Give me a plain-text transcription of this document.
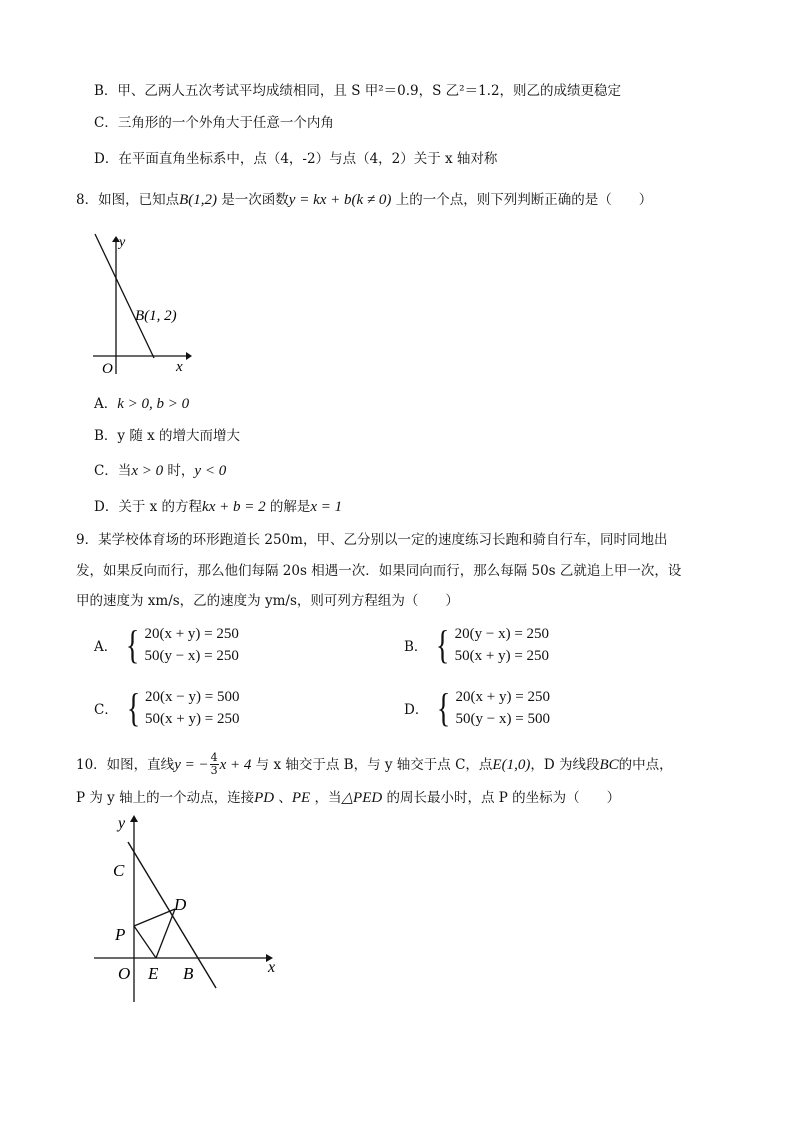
B．甲、乙两人五次考试平均成绩相同，且 S 甲²＝0.9，S 乙²＝1.2，则乙的成绩更稳定
C．三角形的一个外角大于任意一个内角
D．在平面直角坐标系中，点（4，-2）与点（4，2）关于 x 轴对称
8．如图，已知点B(1,2) 是一次函数y = kx + b(k ≠ 0) 上的一个点，则下列判断正确的是（　　）
y
x
O
B(1, 2)
A．k > 0, b > 0
B．y 随 x 的增大而增大
C．当x > 0 时，y < 0
D．关于 x 的方程kx + b = 2 的解是x = 1
9．某学校体育场的环形跑道长 250m，甲、乙分别以一定的速度练习长跑和骑自行车，同时同地出
发，如果反向而行，那么他们每隔 20s 相遇一次．如果同向而行，那么每隔 50s 乙就追上甲一次，设
甲的速度为 xm/s，乙的速度为 ym/s，则可列方程组为（　　）
A． { 20(x + y) = 250
50(y − x) = 250
B． { 20(y − x) = 250
50(x + y) = 250
C． { 20(x − y) = 500
50(x + y) = 250
D． { 20(x + y) = 250
50(y − x) = 500
10．如图，直线 y = − $\frac{4}{3}$ x + 4
与 x 轴交于点 B，与 y 轴交于点 C，点 E(1,0) ，D 为线段 BC 的中点，
P 为 y 轴上的一个动点，连接PD 、PE ，当△PED 的周长最小时，点 P 的坐标为（　　）
y
x
C
D
P
O E B
